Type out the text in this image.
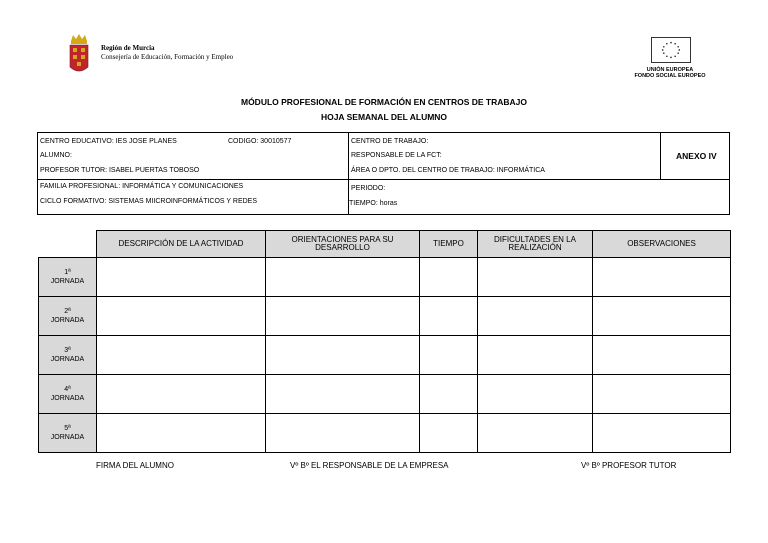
Región de Murcia
Consejería de Educación, Formación y Empleo
UNIÓN EUROPEA
FONDO SOCIAL EUROPEO
MÓDULO PROFESIONAL DE FORMACIÓN EN CENTROS DE TRABAJO
HOJA SEMANAL DEL ALUMNO
CENTRO EDUCATIVO: IES JOSE PLANES	CODIGO: 30010577
ALUMNO:
PROFESOR TUTOR: ISABEL PUERTAS TOBOSO
FAMILIA PROFESIONAL: INFORMÁTICA Y COMUNICACIONES
CICLO FORMATIVO: SISTEMAS MIICROINFORMÁTICOS Y REDES
CENTRO DE TRABAJO:
RESPONSABLE DE LA FCT:
ÁREA O DPTO. DEL CENTRO DE TRABAJO: INFORMÁTICA
PERIODO:
TIEMPO: horas
ANEXO IV
	DESCRIPCIÓN DE LA ACTIVIDAD	ORIENTACIONES PARA SU DESARROLLO	TIEMPO	DIFICULTADES EN LA REALIZACIÓN	OBSERVACIONES
1ª
JORNADA					
2ª
JORNADA					
3ª
JORNADA					
4ª
JORNADA					
5ª
JORNADA					
FIRMA DEL ALUMNO	Vº Bº EL RESPONSABLE DE LA EMPRESA	Vº Bº PROFESOR TUTOR
